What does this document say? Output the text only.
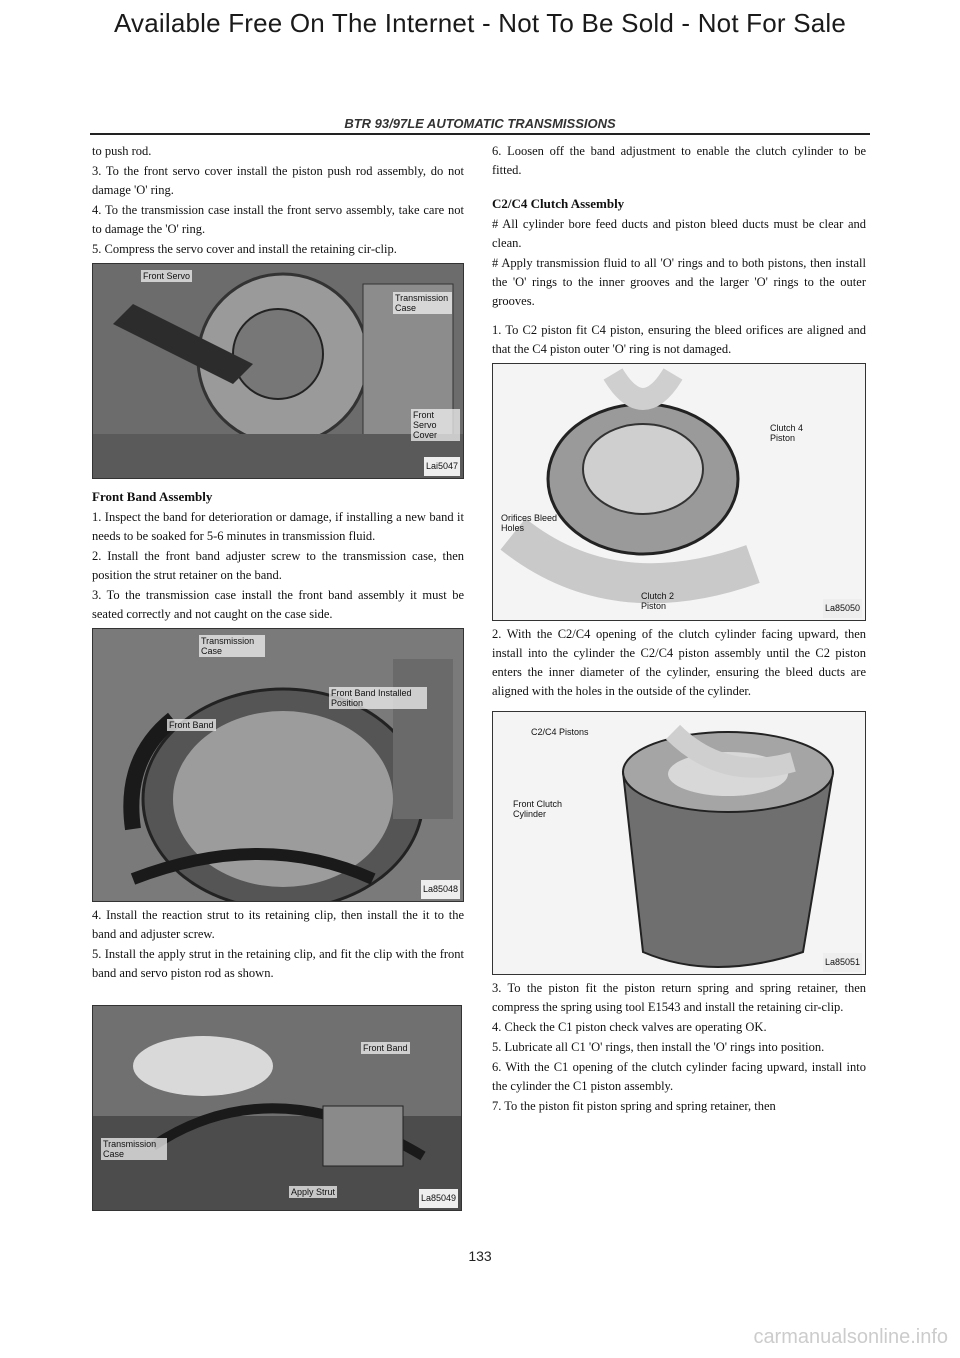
Available Free On The Internet - Not To Be Sold - Not For Sale
BTR 93/97LE AUTOMATIC TRANSMISSIONS

to push rod.

3. To the front servo cover install the piston push rod assembly, do not damage 'O' ring.

4. To the transmission case install the front servo assembly, take care not to damage the 'O' ring.

5. Compress the servo cover and install the retaining cir-clip.

Front Servo
Transmission Case
Front Servo Cover
Lai5047
Front Band Assembly

1. Inspect the band for deterioration or damage, if installing a new band it needs to be soaked for 5-6 minutes in transmission fluid.

2. Install the front band adjuster screw to the transmission case, then position the strut retainer on the band.

3. To the transmission case install the front band assembly it must be seated correctly and not caught on the case side.

Transmission Case
Front Band Installed Position
Front Band
La85048

4. Install the reaction strut to its retaining clip, then install the it to the band and adjuster screw.

5. Install the apply strut in the retaining clip, and fit the clip with the front band and servo piston rod as shown.

Front Band
Transmission Case
Apply Strut
La85049

6. Loosen off the band adjustment to enable the clutch cylinder to be fitted.

C2/C4 Clutch Assembly

# All cylinder bore feed ducts and piston bleed ducts must be clear and clean.

# Apply transmission fluid to all 'O' rings and to both pistons, then install the 'O' rings to the inner grooves and the larger 'O' rings to the outer grooves.

1. To C2 piston fit C4 piston, ensuring the bleed orifices are aligned and that the C4 piston outer 'O' ring is not damaged.

Clutch 4 Piston
Orifices Bleed Holes
Clutch 2 Piston	La85050

2. With the C2/C4 opening of the clutch cylinder facing upward, then install into the cylinder the C2/C4 piston assembly until the C2 piston enters the inner diameter of the cylinder, ensuring the bleed ducts are aligned with the holes in the outside of the cylinder.

C2/C4 Pistons
Front Clutch Cylinder
La85051

3. To the piston fit the piston return spring and spring retainer, then compress the spring using tool E1543 and install the retaining cir-clip.

4. Check the C1 piston check valves are operating OK.

5. Lubricate all C1 'O' rings, then install the 'O' rings into position.

6. With the C1 opening of the clutch cylinder facing upward, install into the cylinder the C1 piston assembly.

7. To the piston fit piston spring and spring retainer, then

133
carmanualsonline.info
